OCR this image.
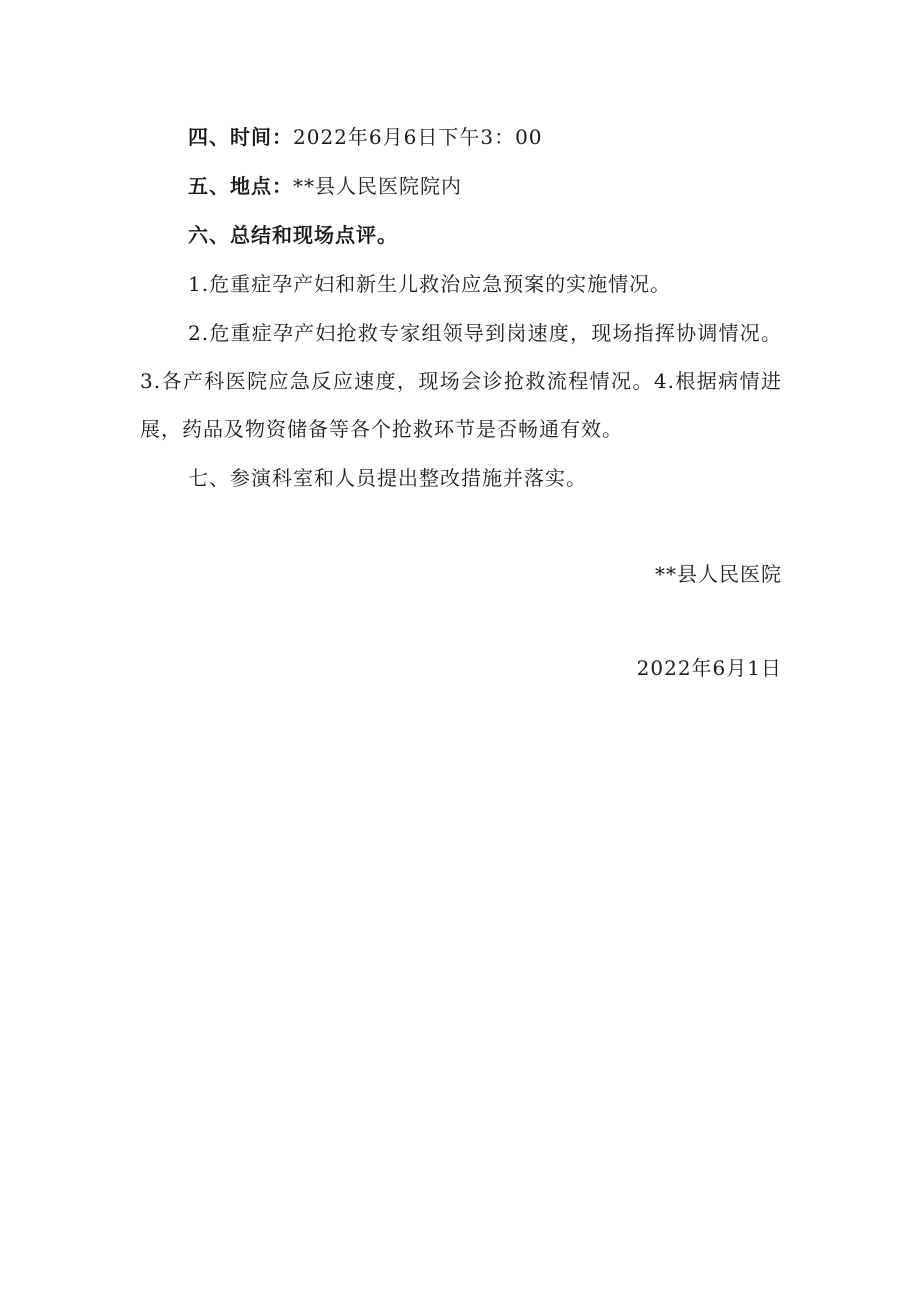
四、时间：2022年6月6日下午3：00
五、地点：**县人民医院院内
六、总结和现场点评。
1.危重症孕产妇和新生儿救治应急预案的实施情况。
2.危重症孕产妇抢救专家组领导到岗速度，现场指挥协调情况。3.各产科医院应急反应速度，现场会诊抢救流程情况。4.根据病情进展，药品及物资储备等各个抢救环节是否畅通有效。
七、参演科室和人员提出整改措施并落实。
**县人民医院
2022年6月1日
